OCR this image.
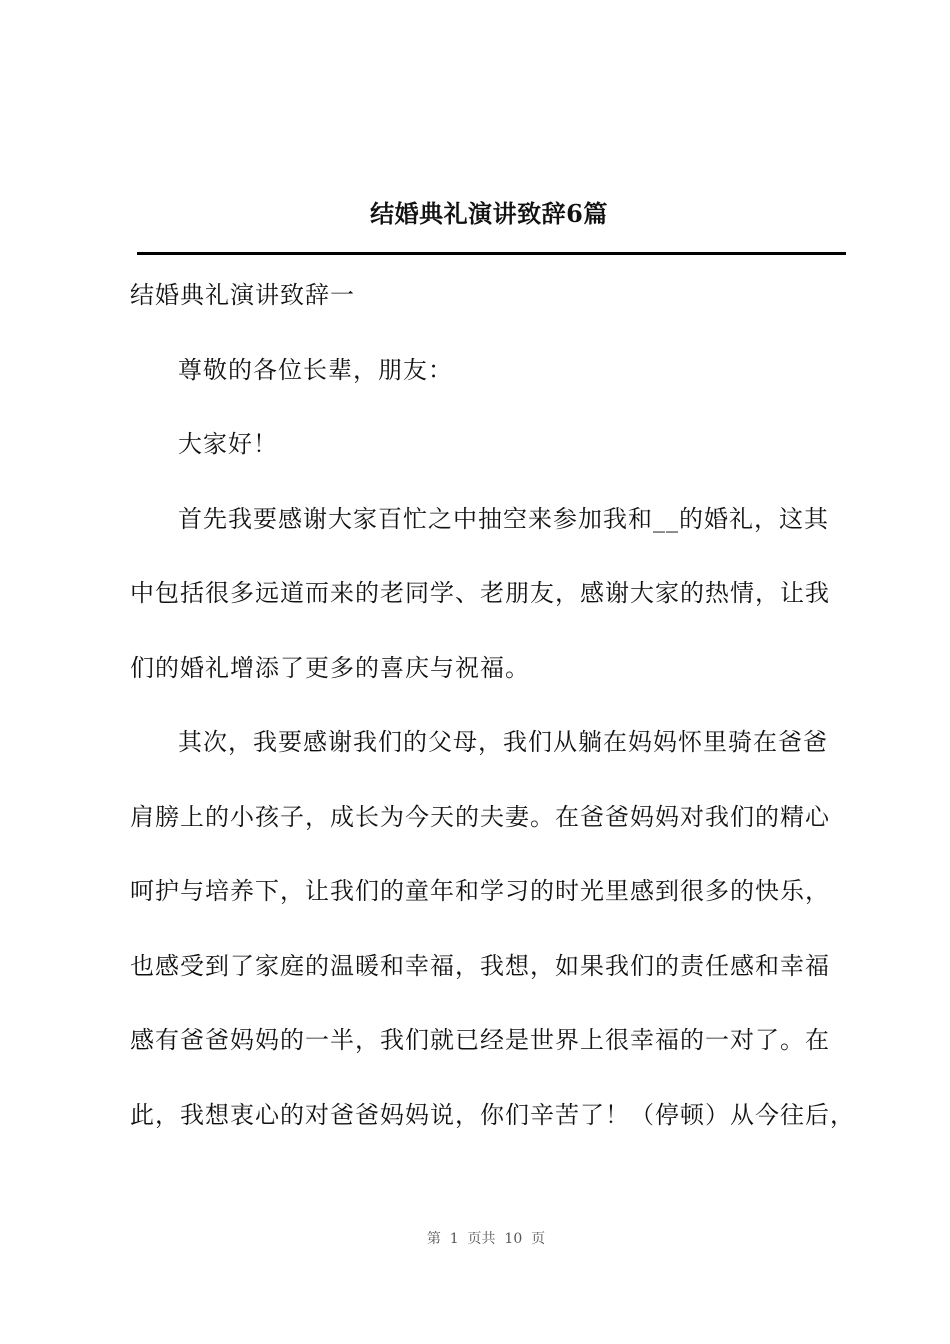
结婚典礼演讲致辞6篇
结婚典礼演讲致辞一
尊敬的各位长辈，朋友：
大家好！
首先我要感谢大家百忙之中抽空来参加我和__的婚礼，这其
中包括很多远道而来的老同学、老朋友，感谢大家的热情，让我
们的婚礼增添了更多的喜庆与祝福。
其次，我要感谢我们的父母，我们从躺在妈妈怀里骑在爸爸
肩膀上的小孩子，成长为今天的夫妻。在爸爸妈妈对我们的精心
呵护与培养下，让我们的童年和学习的时光里感到很多的快乐，
也感受到了家庭的温暖和幸福，我想，如果我们的责任感和幸福
感有爸爸妈妈的一半，我们就已经是世界上很幸福的一对了。在
此，我想衷心的对爸爸妈妈说，你们辛苦了！（停顿）从今往后，
第  1  页共  10  页
